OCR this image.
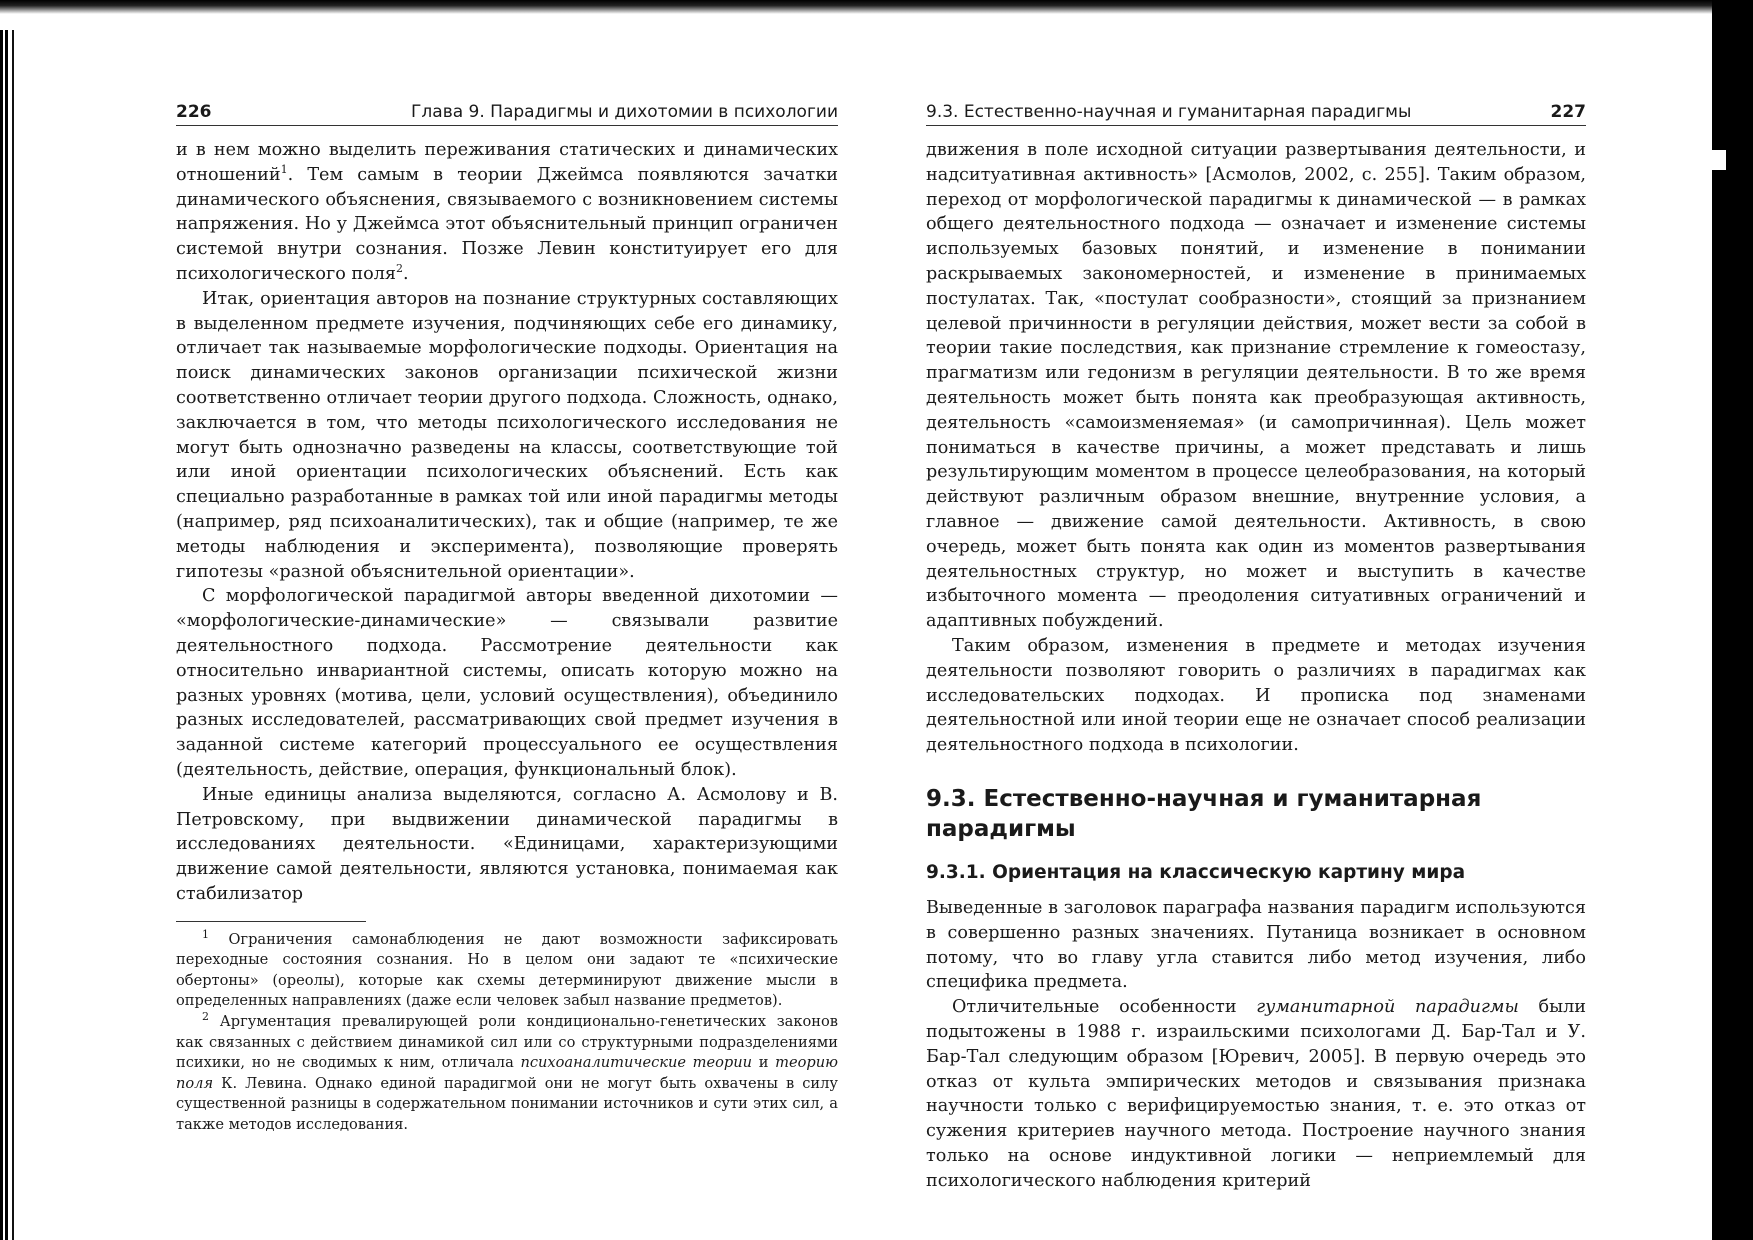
226	Глава 9. Парадигмы и дихотомии в психологии

и в нем можно выделить переживания статических и динамических отношений$^1$. Тем самым в теории Джеймса появляются зачатки динамического объяснения, связываемого с возникновением системы напряжения. Но у Джеймса этот объяснительный принцип ограничен системой внутри сознания. Позже Левин конституирует его для психологического поля$^2$.

Итак, ориентация авторов на познание структурных составляющих в выделенном предмете изучения, подчиняющих себе его динамику, отличает так называемые морфологические подходы. Ориентация на поиск динамических законов организации психической жизни соответственно отличает теории другого подхода. Сложность, однако, заключается в том, что методы психологического исследования не могут быть однозначно разведены на классы, соответствующие той или иной ориентации психологических объяснений. Есть как специально разработанные в рамках той или иной парадигмы методы (например, ряд психоаналитических), так и общие (например, те же методы наблюдения и эксперимента), позволяющие проверять гипотезы «разной объяснительной ориентации».

С морфологической парадигмой авторы введенной дихотомии — «морфологические-динамические» — связывали развитие деятельностного подхода. Рассмотрение деятельности как относительно инвариантной системы, описать которую можно на разных уровнях (мотива, цели, условий осуществления), объединило разных исследователей, рассматривающих свой предмет изучения в заданной системе категорий процессуального ее осуществления (деятельность, действие, операция, функциональный блок).

Иные единицы анализа выделяются, согласно А. Асмолову и В. Петровскому, при выдвижении динамической парадигмы в исследованиях деятельности. «Единицами, характеризующими движение самой деятельности, являются установка, понимаемая как стабилизатор

$^1$ Ограничения самонаблюдения не дают возможности зафиксировать переходные состояния сознания. Но в целом они задают те «психические обертоны» (ореолы), которые как схемы детерминируют движение мысли в определенных направлениях (даже если человек забыл название предметов).

$^2$ Аргументация превалирующей роли кондиционально-генетических законов как связанных с действием динамикой сил или со структурными подразделениями психики, но не сводимых к ним, отличала психоаналитические теории и теорию поля К. Левина. Однако единой парадигмой они не могут быть охвачены в силу существенной разницы в содержательном понимании источников и сути этих сил, а также методов исследования.

9.3. Естественно-научная и гуманитарная парадигмы	227

движения в поле исходной ситуации развертывания деятельности, и надситуативная активность» [Асмолов, 2002, с. 255]. Таким образом, переход от морфологической парадигмы к динамической — в рамках общего деятельностного подхода — означает и изменение системы используемых базовых понятий, и изменение в понимании раскрываемых закономерностей, и изменение в принимаемых постулатах. Так, «постулат сообразности», стоящий за признанием целевой причинности в регуляции действия, может вести за собой в теории такие последствия, как признание стремление к гомеостазу, прагматизм или гедонизм в регуляции деятельности. В то же время деятельность может быть понята как преобразующая активность, деятельность «самоизменяемая» (и самопричинная). Цель может пониматься в качестве причины, а может представать и лишь результирующим моментом в процессе целеобразования, на который действуют различным образом внешние, внутренние условия, а главное — движение самой деятельности. Активность, в свою очередь, может быть понята как один из моментов развертывания деятельностных структур, но может и выступить в качестве избыточного момента — преодоления ситуативных ограничений и адаптивных побуждений.

Таким образом, изменения в предмете и методах изучения деятельности позволяют говорить о различиях в парадигмах как исследовательских подходах. И прописка под знаменами деятельностной или иной теории еще не означает способ реализации деятельностного подхода в психологии.

9.3. Естественно-научная и гуманитарная парадигмы
9.3.1. Ориентация на классическую картину мира

Выведенные в заголовок параграфа названия парадигм используются в совершенно разных значениях. Путаница возникает в основном потому, что во главу угла ставится либо метод изучения, либо специфика предмета.

Отличительные особенности гуманитарной парадигмы были подытожены в 1988 г. израильскими психологами Д. Бар-Тал и У. Бар-Тал следующим образом [Юревич, 2005]. В первую очередь это отказ от культа эмпирических методов и связывания признака научности только с верифицируемостью знания, т. е. это отказ от сужения критериев научного метода. Построение научного знания только на основе индуктивной логики — неприемлемый для психологического наблюдения критерий
